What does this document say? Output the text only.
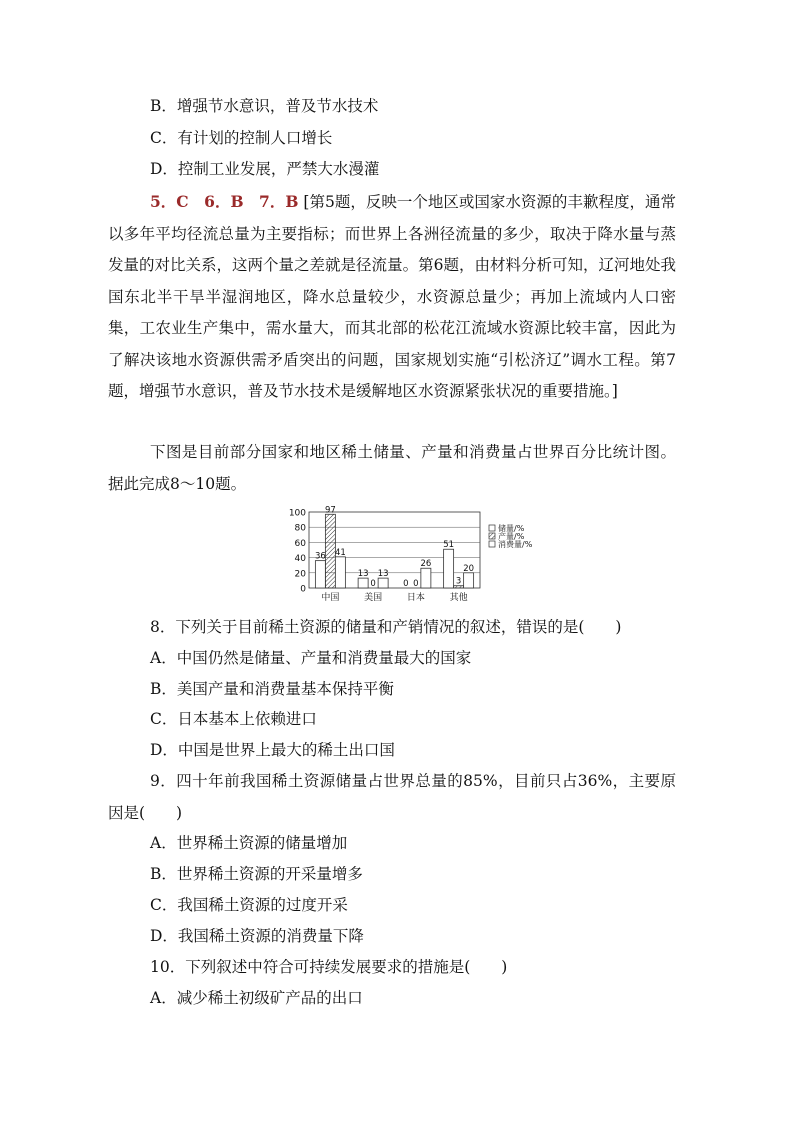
B．增强节水意识，普及节水技术
C．有计划的控制人口增长
D．控制工业发展，严禁大水漫灌
5．C　6．B　7．B [第5题，反映一个地区或国家水资源的丰歉程度，通常以多年平均径流总量为主要指标；而世界上各洲径流量的多少，取决于降水量与蒸发量的对比关系，这两个量之差就是径流量。第6题，由材料分析可知，辽河地处我国东北半干旱半湿润地区，降水总量较少，水资源总量少；再加上流域内人口密集，工农业生产集中，需水量大，而其北部的松花江流域水资源比较丰富，因此为了解决该地水资源供需矛盾突出的问题，国家规划实施“引松济辽”调水工程。第7题，增强节水意识，普及节水技术是缓解地区水资源紧张状况的重要措施。]
下图是目前部分国家和地区稀土储量、产量和消费量占世界百分比统计图。据此完成8～10题。
0
20
40
60
80
100
中国	美国	日本	其他
36
97
41
13
0
13
0 0
26
51
3
20
储量/%
产量/%
消费量/%
8．下列关于目前稀土资源的储量和产销情况的叙述，错误的是(　　)
A．中国仍然是储量、产量和消费量最大的国家
B．美国产量和消费量基本保持平衡
C．日本基本上依赖进口
D．中国是世界上最大的稀土出口国
9．四十年前我国稀土资源储量占世界总量的85%，目前只占36%，主要原因是(　　)
A．世界稀土资源的储量增加
B．世界稀土资源的开采量增多
C．我国稀土资源的过度开采
D．我国稀土资源的消费量下降
10．下列叙述中符合可持续发展要求的措施是(　　)
A．减少稀土初级矿产品的出口
